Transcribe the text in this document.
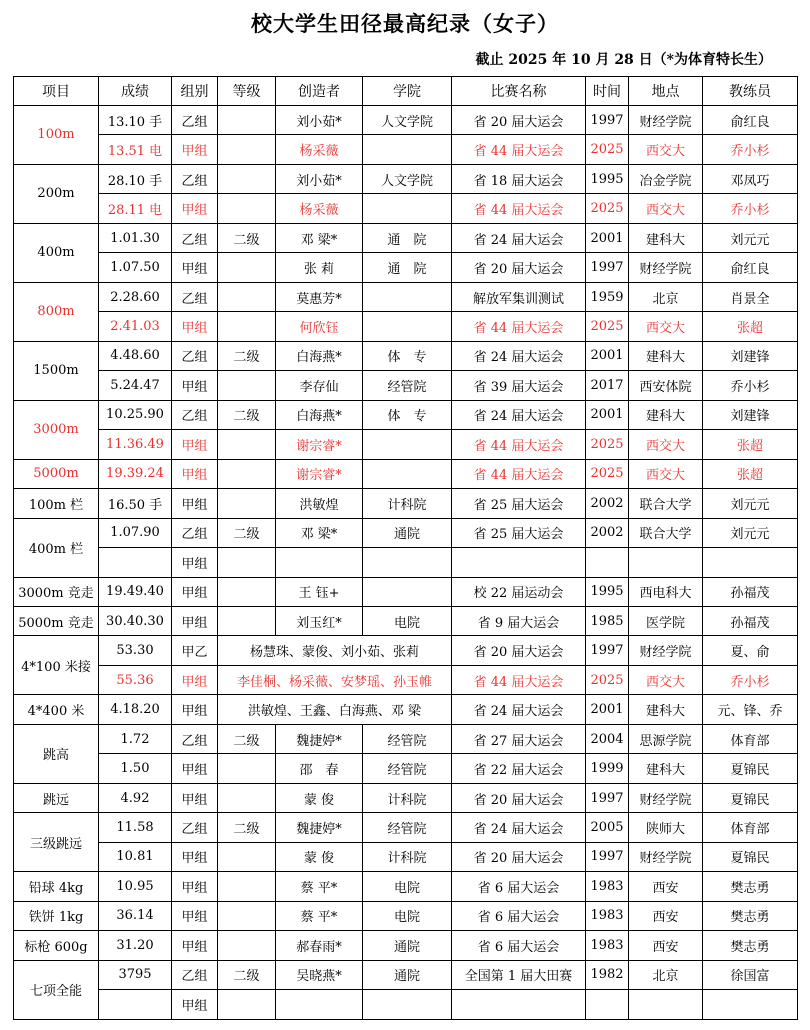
校大学生田径最高纪录（女子）
截止 2025 年 10 月 28 日（*为体育特长生）
项目	成绩	组别	等级	创造者	学院	比赛名称	时间	地点	教练员
100m	13.10 手	乙组		刘小茹*	人文学院	省 20 届大运会	1997	财经学院	俞红良
	13.51 电	甲组		杨采薇		省 44 届大运会	2025	西交大	乔小杉
200m	28.10 手	乙组		刘小茹*	人文学院	省 18 届大运会	1995	冶金学院	邓凤巧
	28.11 电	甲组		杨采薇		省 44 届大运会	2025	西交大	乔小杉
400m	1.01.30	乙组	二级	邓 梁*	通　院	省 24 届大运会	2001	建科大	刘元元
	1.07.50	甲组		张 莉	通　院	省 20 届大运会	1997	财经学院	俞红良
800m	2.28.60	乙组		莫惠芳*		解放军集训测试	1959	北京	肖景全
	2.41.03	甲组		何欣钰		省 44 届大运会	2025	西交大	张超
1500m	4.48.60	乙组	二级	白海燕*	体　专	省 24 届大运会	2001	建科大	刘建锋
	5.24.47	甲组		李存仙	经管院	省 39 届大运会	2017	西安体院	乔小杉
3000m	10.25.90	乙组	二级	白海燕*	体　专	省 24 届大运会	2001	建科大	刘建锋
	11.36.49	甲组		谢宗睿*		省 44 届大运会	2025	西交大	张超
5000m	19.39.24	甲组		谢宗睿*		省 44 届大运会	2025	西交大	张超
100m 栏	16.50 手	甲组		洪敏煌	计科院	省 25 届大运会	2002	联合大学	刘元元
400m 栏	1.07.90	乙组	二级	邓 梁*	通院	省 25 届大运会	2002	联合大学	刘元元
		甲组							
3000m 竞走	19.49.40	甲组		王 钰+		校 22 届运动会	1995	西电科大	孙福茂
5000m 竞走	30.40.30	甲组		刘玉红*	电院	省 9 届大运会	1985	医学院	孙福茂
4*100 米接	53.30	甲乙	杨慧珠、蒙俊、刘小茹、张莉			省 20 届大运会	1997	财经学院	夏、俞
	55.36	甲组	李佳桐、杨采薇、安梦瑶、孙玉帷			省 44 届大运会	2025	西交大	乔小杉
4*400 米	4.18.20	甲组	洪敏煌、王鑫、白海燕、邓 梁			省 24 届大运会	2001	建科大	元、锋、乔
跳高	1.72	乙组	二级	魏捷婷*	经管院	省 27 届大运会	2004	思源学院	体育部
	1.50	甲组		邵　春	经管院	省 22 届大运会	1999	建科大	夏锦民
跳远	4.92	甲组		蒙 俊	计科院	省 20 届大运会	1997	财经学院	夏锦民
三级跳远	11.58	乙组	二级	魏捷婷*	经管院	省 24 届大运会	2005	陕师大	体育部
	10.81	甲组		蒙 俊	计科院	省 20 届大运会	1997	财经学院	夏锦民
铅球 4kg	10.95	甲组		蔡 平*	电院	省 6 届大运会	1983	西安	樊志勇
铁饼 1kg	36.14	甲组		蔡 平*	电院	省 6 届大运会	1983	西安	樊志勇
标枪 600g	31.20	甲组		郝春雨*	通院	省 6 届大运会	1983	西安	樊志勇
七项全能	3795	乙组	二级	吴晓燕*	通院	全国第 1 届大田赛	1982	北京	徐国富
		甲组							
